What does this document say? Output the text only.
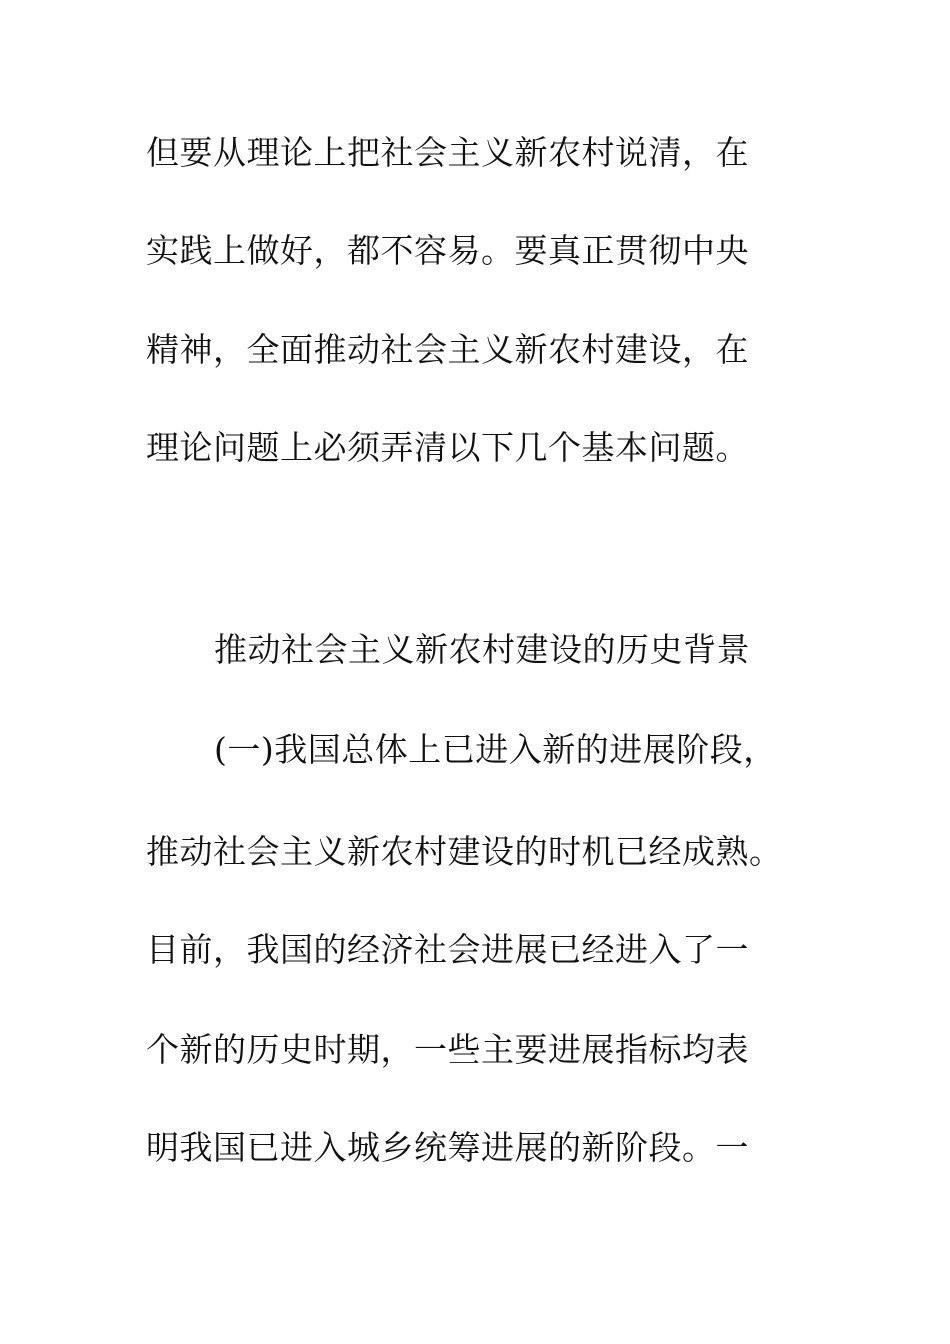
但要从理论上把社会主义新农村说清，在
实践上做好，都不容易。要真正贯彻中央
精神，全面推动社会主义新农村建设，在
理论问题上必须弄清以下几个基本问题。
推动社会主义新农村建设的历史背景
(一)我国总体上已进入新的进展阶段，
推动社会主义新农村建设的时机已经成熟。
目前，我国的经济社会进展已经进入了一
个新的历史时期，一些主要进展指标均表
明我国已进入城乡统筹进展的新阶段。一
